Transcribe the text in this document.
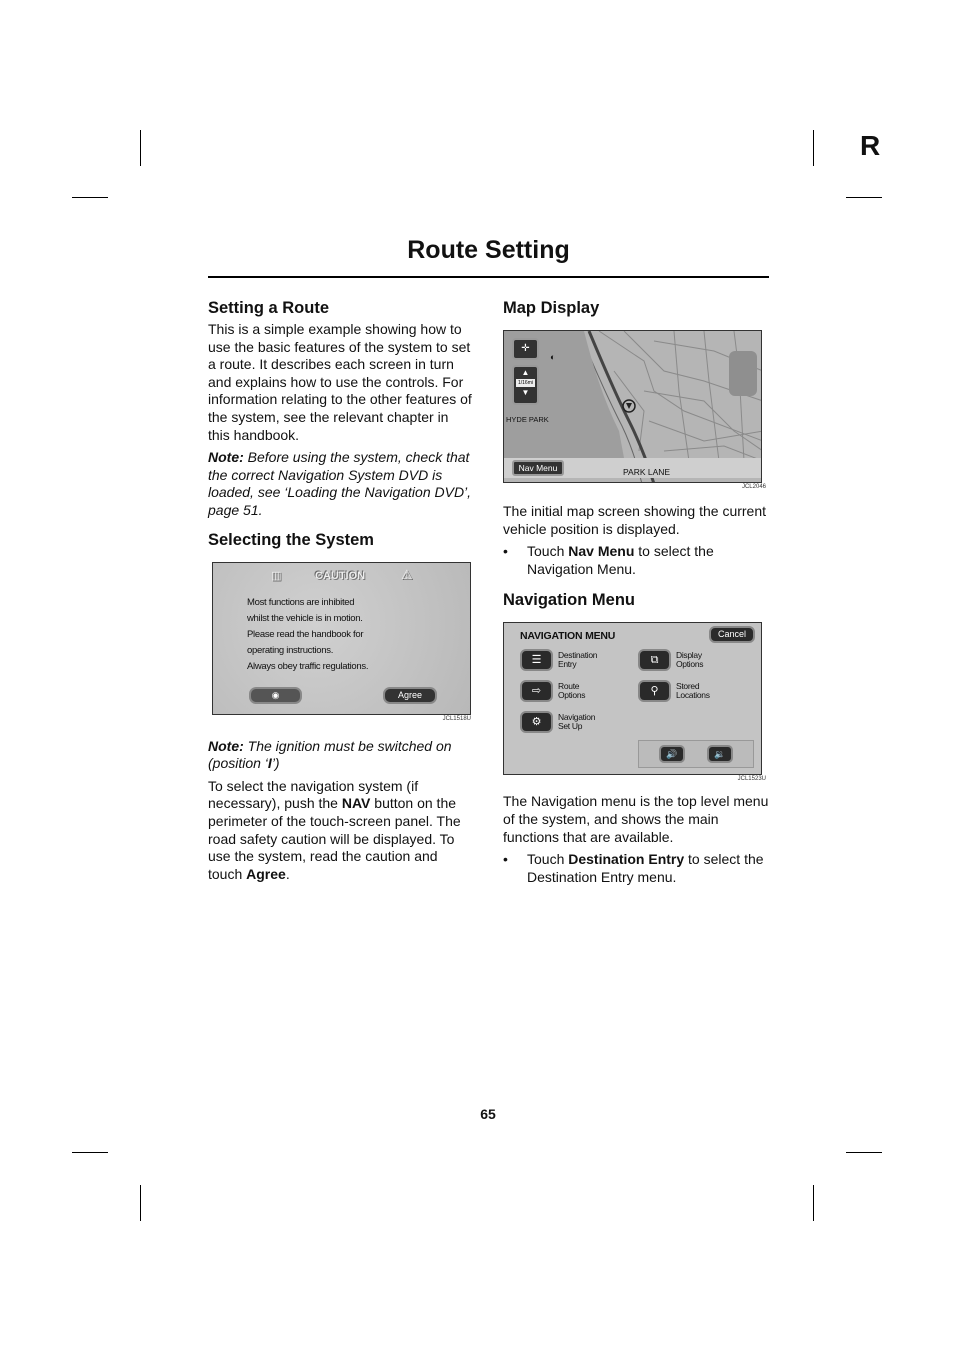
R
Route Setting
Setting a Route

This is a simple example showing how to use the basic features of the system to set a route. It describes each screen in turn and explains how to use the controls. For information relating to the other features of the system, see the relevant chapter in this handbook.

Note: Before using the system, check that the correct Navigation System DVD is loaded, see ‘Loading the Navigation DVD’, page 51.

Selecting the System
▥	CAUTION	⚠
Most functions are inhibited
whilst the vehicle is in motion.
Please read the handbook for
operating instructions.
Always obey traffic regulations.
◉	Agree
JCL1518U

Note: The ignition must be switched on (position ‘I’)

To select the navigation system (if necessary), push the NAV button on the perimeter of the touch-screen panel. The road safety caution will be displayed. To use the system, read the caution and touch Agree.

Map Display
✛
▲
1/16mi
▼
◐
HYDE PARK
Nav Menu	PARK LANE
JCL2046

The initial map screen showing the current vehicle position is displayed.

• Touch Nav Menu to select the Navigation Menu.
Navigation Menu
NAVIGATION MENU	Cancel
☰	Destination
Entry	⧉	Display
Options
⇨	Route
Options	⚲	Stored
Locations
⚙	Navigation
Set Up
🔊	🔉
JCL1523U

The Navigation menu is the top level menu of the system, and shows the main functions that are available.

• Touch Destination Entry to select the Destination Entry menu.
65
